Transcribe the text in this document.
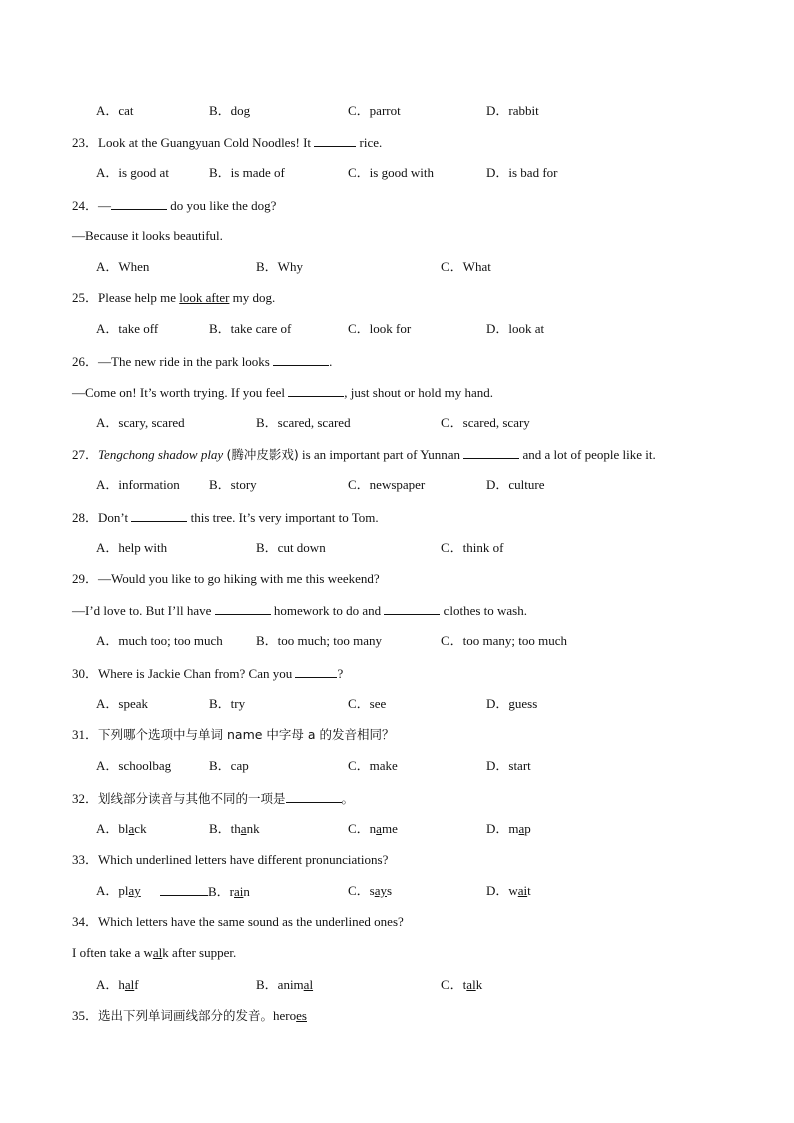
A．cat	B．dog	C．parrot	D．rabbit
23．Look at the Guangyuan Cold Noodles! It	rice.
A．is good at	B．is made of	C．is good with	D．is bad for
24．—	do you like the dog?
—Because it looks beautiful.
A．When	B．Why	C．What
25．Please help me look after my dog.
A．take off	B．take care of	C．look for	D．look at
26．—The new ride in the park looks	.
—Come on! It’s worth trying. If you feel	, just shout or hold my hand.
A．scary, scared	B．scared, scared	C．scared, scary
27．Tengchong shadow play (腾冲皮影戏) is an important part of Yunnan	and a lot of people like it.
A．information B．story	C．newspaper	D．culture
28．Don’t	this tree. It’s very important to Tom.
A．help with	B．cut down	C．think of
29．—Would you like to go hiking with me this weekend?
—I’d love to. But I’ll have	homework to do and	clothes to wash.
A．much too; too much	B．too much; too many	C．too many; too much
30．Where is Jackie Chan from? Can you	?
A．speak	B．try	C．see	D．guess
31．下列哪个选项中与单词 name 中字母 a 的发音相同？
A．schoolbag	B．cap	C．make	D．start
32．划线部分读音与其他不同的一项是	。
A．black	B．thank	C．name	D．map
33．Which underlined letters have different pronunciations?
A．play	B．rain	C．says	D．wait
34．Which letters have the same sound as the underlined ones?
I often take a walk after supper.
A．half	B．animal	C．talk
35．选出下列单词画线部分的发音。heroes
